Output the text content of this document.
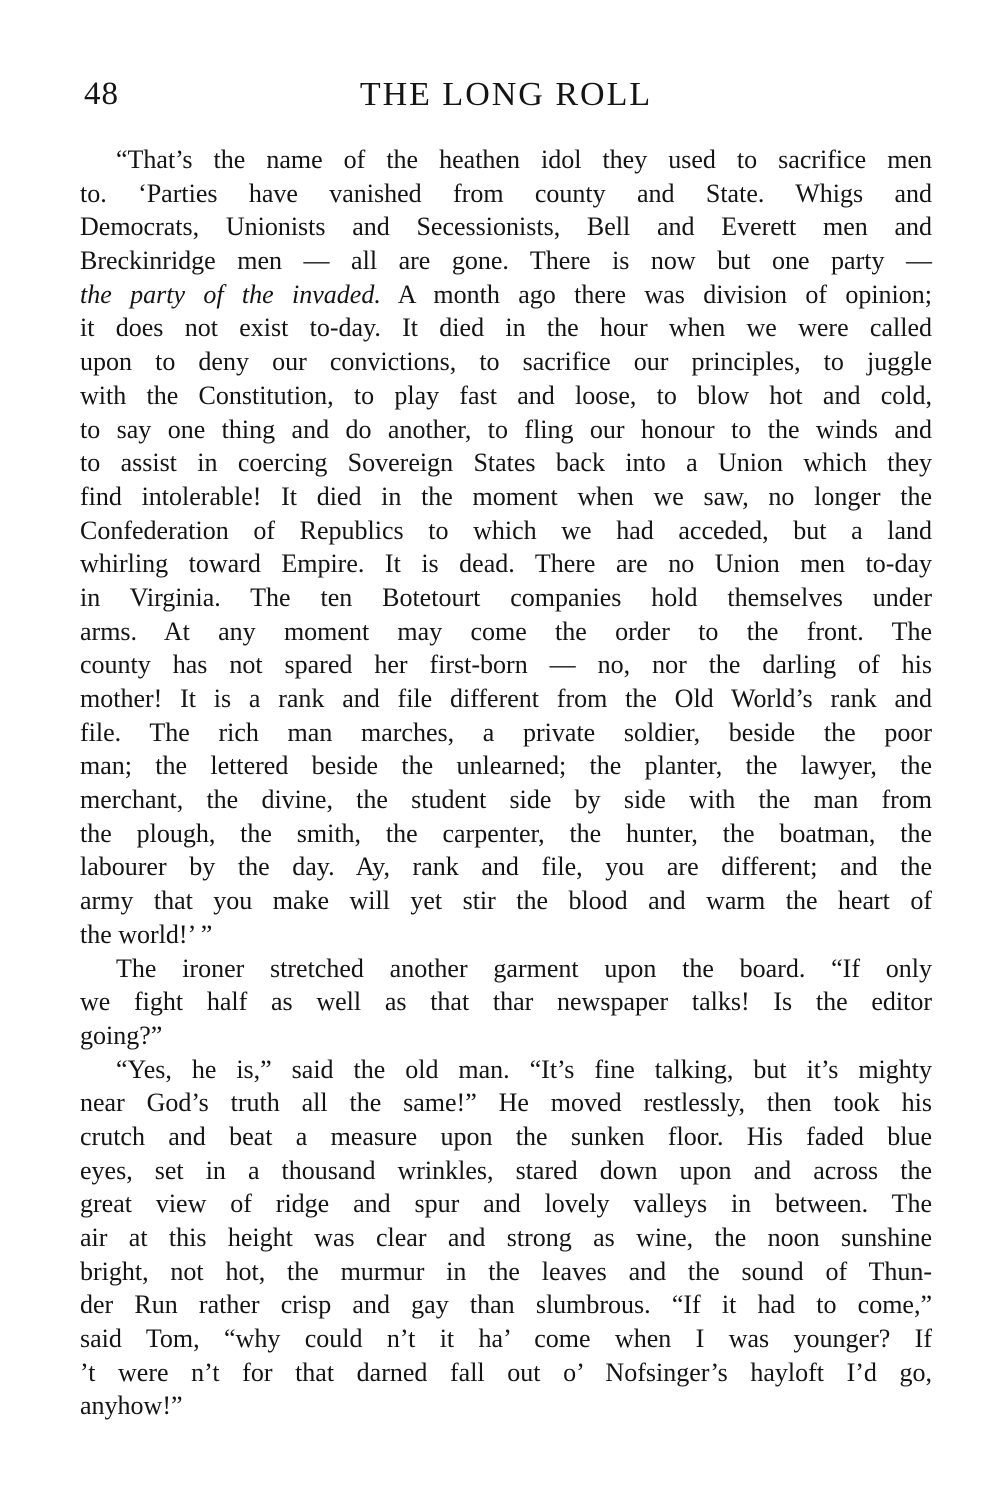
48	THE LONG ROLL
“That’s the name of the heathen idol they used to sacrifice men
to. ‘Parties have vanished from county and State. Whigs and
Democrats, Unionists and Secessionists, Bell and Everett men and
Breckinridge men — all are gone. There is now but one party —
the party of the invaded. A month ago there was division of opinion;
it does not exist to-day. It died in the hour when we were called
upon to deny our convictions, to sacrifice our principles, to juggle
with the Constitution, to play fast and loose, to blow hot and cold,
to say one thing and do another, to fling our honour to the winds and
to assist in coercing Sovereign States back into a Union which they
find intolerable! It died in the moment when we saw, no longer the
Confederation of Republics to which we had acceded, but a land
whirling toward Empire. It is dead. There are no Union men to-day
in Virginia. The ten Botetourt companies hold themselves under
arms. At any moment may come the order to the front. The
county has not spared her first-born — no, nor the darling of his
mother! It is a rank and file different from the Old World’s rank and
file. The rich man marches, a private soldier, beside the poor
man; the lettered beside the unlearned; the planter, the lawyer, the
merchant, the divine, the student side by side with the man from
the plough, the smith, the carpenter, the hunter, the boatman, the
labourer by the day. Ay, rank and file, you are different; and the
army that you make will yet stir the blood and warm the heart of
the world!’ ”
The ironer stretched another garment upon the board. “If only
we fight half as well as that thar newspaper talks! Is the editor
going?”
“Yes, he is,” said the old man. “It’s fine talking, but it’s mighty
near God’s truth all the same!” He moved restlessly, then took his
crutch and beat a measure upon the sunken floor. His faded blue
eyes, set in a thousand wrinkles, stared down upon and across the
great view of ridge and spur and lovely valleys in between. The
air at this height was clear and strong as wine, the noon sunshine
bright, not hot, the murmur in the leaves and the sound of Thun-
der Run rather crisp and gay than slumbrous. “If it had to come,”
said Tom, “why could n’t it ha’ come when I was younger? If
’t were n’t for that darned fall out o’ Nofsinger’s hayloft I’d go,
anyhow!”
